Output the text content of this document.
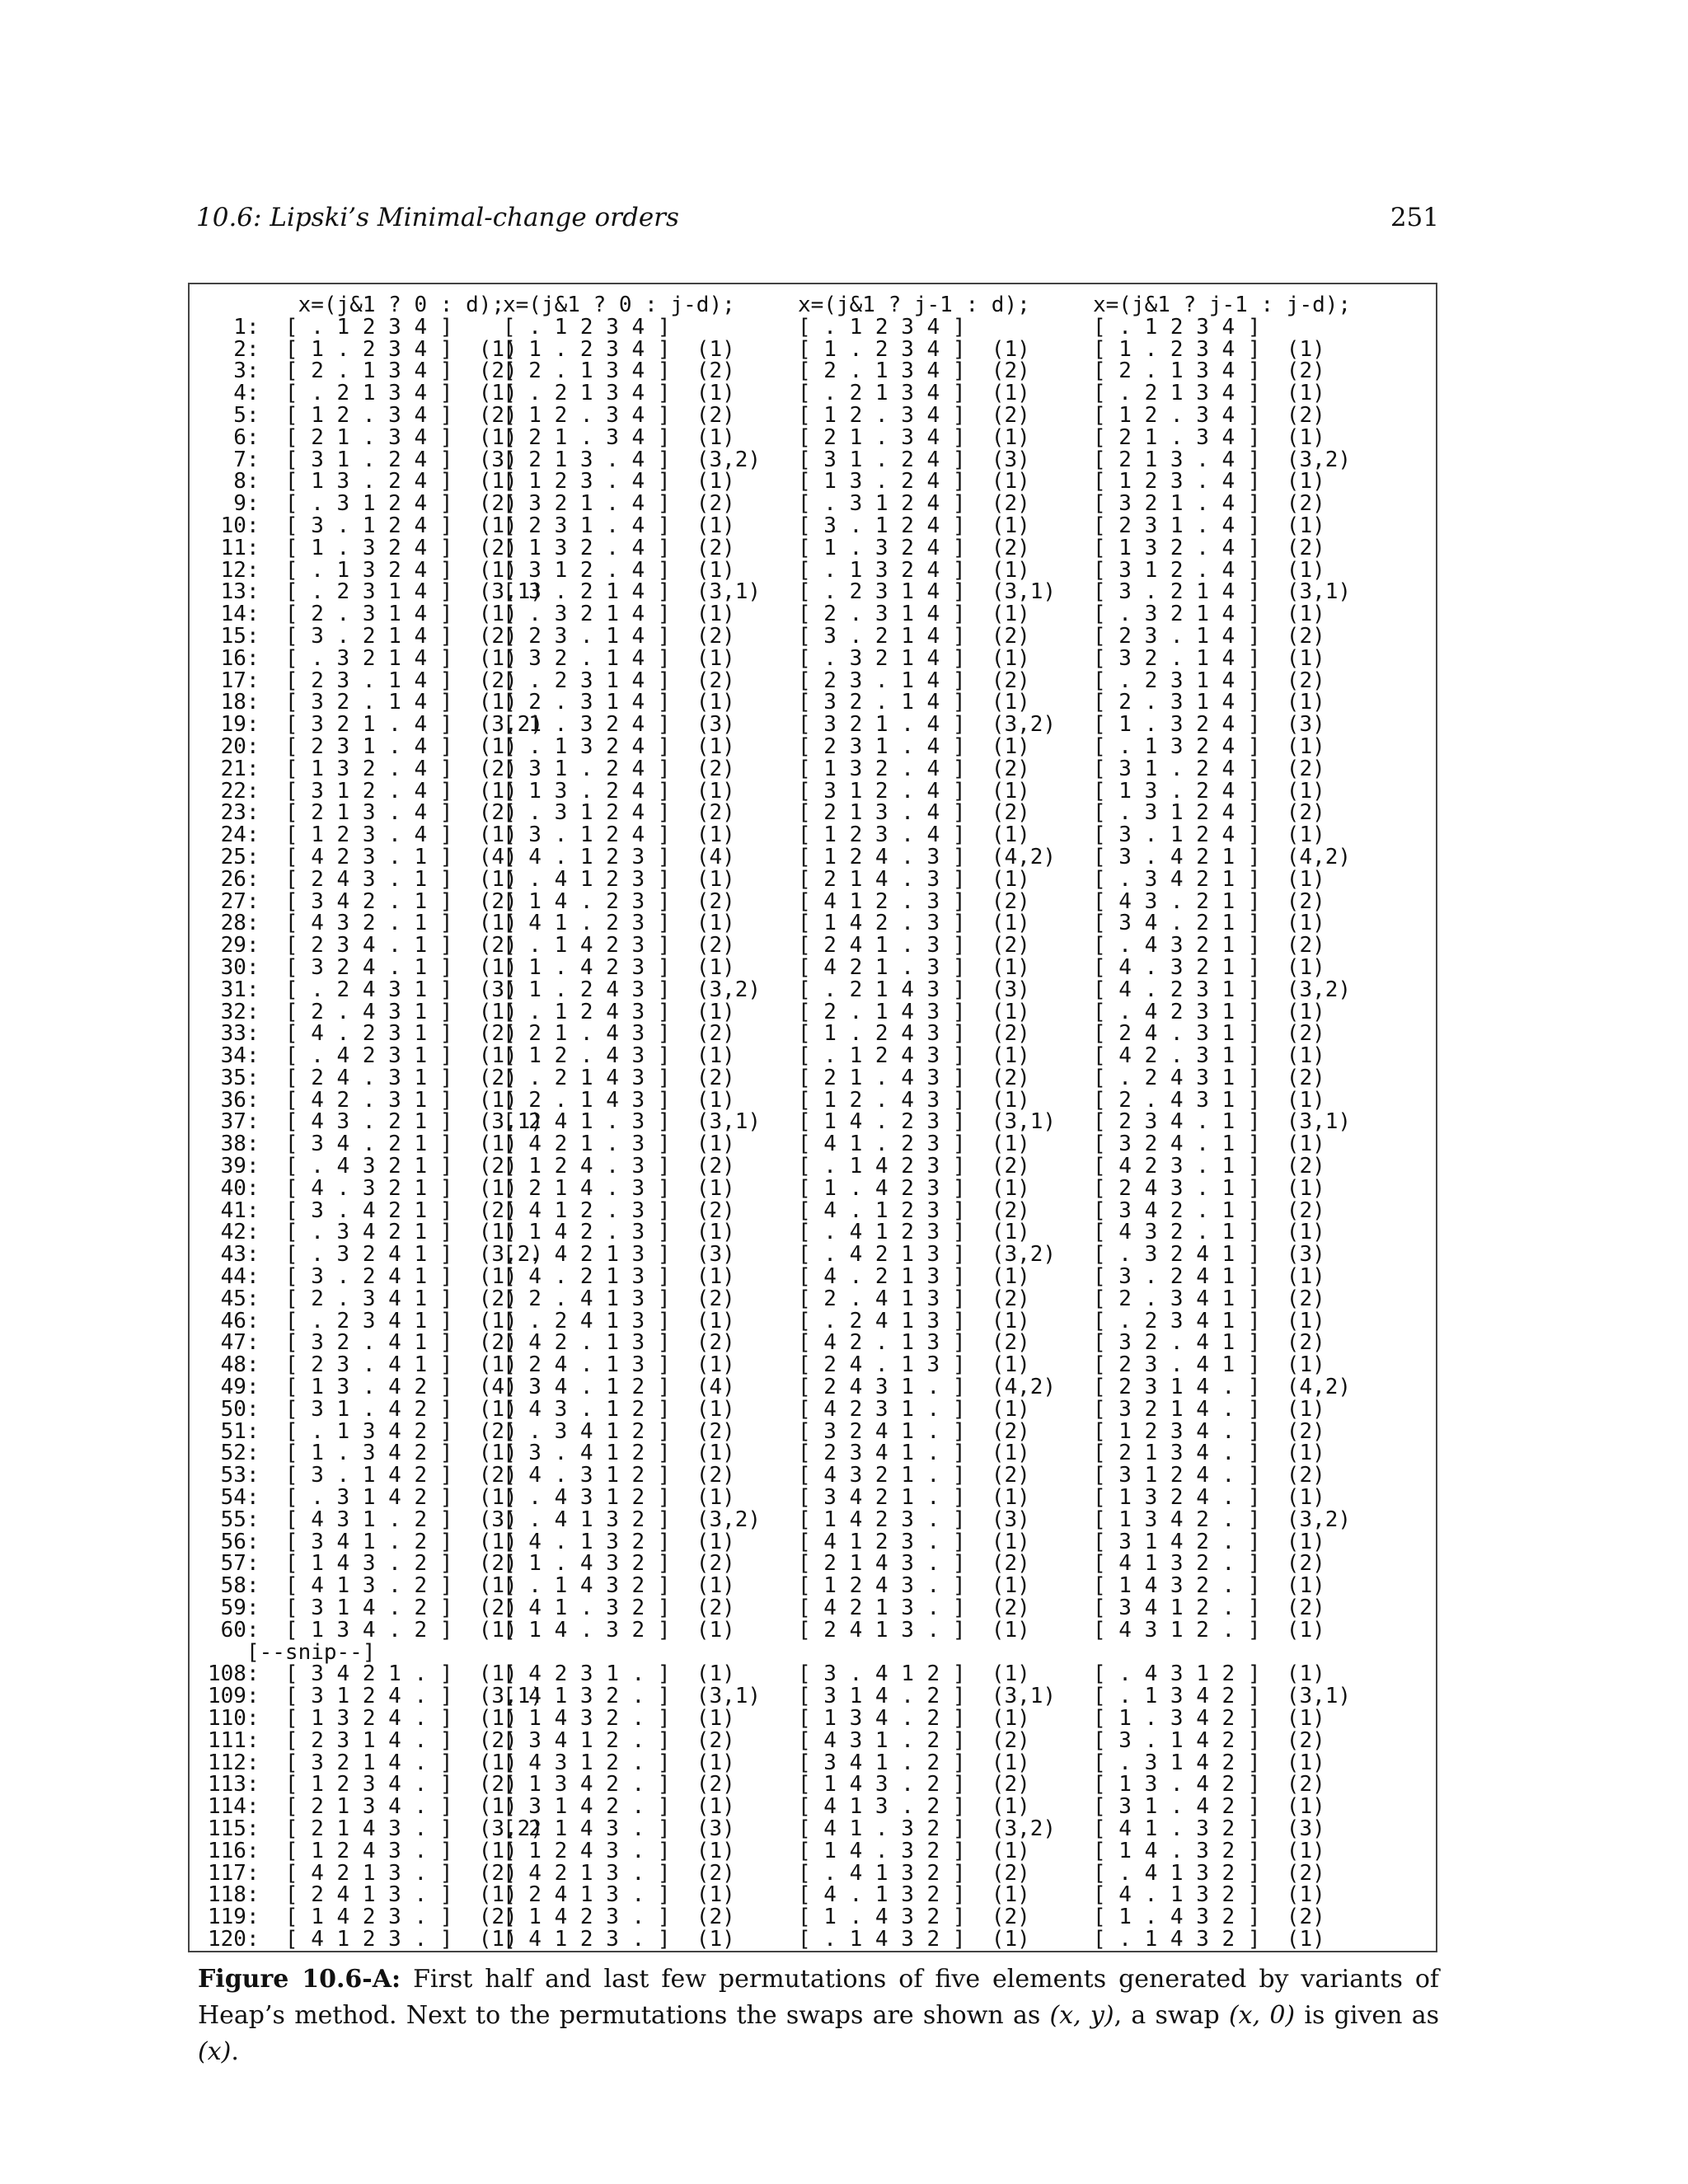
10.6: Lipski’s Minimal-change orders	251
x=(j&1 ? 0 : d);
1:  [ . 1 2 3 4 ]
2:  [ 1 . 2 3 4 ]  (1)
3:  [ 2 . 1 3 4 ]  (2)
4:  [ . 2 1 3 4 ]  (1)
5:  [ 1 2 . 3 4 ]  (2)
6:  [ 2 1 . 3 4 ]  (1)
7:  [ 3 1 . 2 4 ]  (3)
8:  [ 1 3 . 2 4 ]  (1)
9:  [ . 3 1 2 4 ]  (2)
10:  [ 3 . 1 2 4 ]  (1)
11:  [ 1 . 3 2 4 ]  (2)
12:  [ . 1 3 2 4 ]  (1)
13:  [ . 2 3 1 4 ]  (3,1)
14:  [ 2 . 3 1 4 ]  (1)
15:  [ 3 . 2 1 4 ]  (2)
16:  [ . 3 2 1 4 ]  (1)
17:  [ 2 3 . 1 4 ]  (2)
18:  [ 3 2 . 1 4 ]  (1)
19:  [ 3 2 1 . 4 ]  (3,2)
20:  [ 2 3 1 . 4 ]  (1)
21:  [ 1 3 2 . 4 ]  (2)
22:  [ 3 1 2 . 4 ]  (1)
23:  [ 2 1 3 . 4 ]  (2)
24:  [ 1 2 3 . 4 ]  (1)
25:  [ 4 2 3 . 1 ]  (4)
26:  [ 2 4 3 . 1 ]  (1)
27:  [ 3 4 2 . 1 ]  (2)
28:  [ 4 3 2 . 1 ]  (1)
29:  [ 2 3 4 . 1 ]  (2)
30:  [ 3 2 4 . 1 ]  (1)
31:  [ . 2 4 3 1 ]  (3)
32:  [ 2 . 4 3 1 ]  (1)
33:  [ 4 . 2 3 1 ]  (2)
34:  [ . 4 2 3 1 ]  (1)
35:  [ 2 4 . 3 1 ]  (2)
36:  [ 4 2 . 3 1 ]  (1)
37:  [ 4 3 . 2 1 ]  (3,1)
38:  [ 3 4 . 2 1 ]  (1)
39:  [ . 4 3 2 1 ]  (2)
40:  [ 4 . 3 2 1 ]  (1)
41:  [ 3 . 4 2 1 ]  (2)
42:  [ . 3 4 2 1 ]  (1)
43:  [ . 3 2 4 1 ]  (3,2)
44:  [ 3 . 2 4 1 ]  (1)
45:  [ 2 . 3 4 1 ]  (2)
46:  [ . 2 3 4 1 ]  (1)
47:  [ 3 2 . 4 1 ]  (2)
48:  [ 2 3 . 4 1 ]  (1)
49:  [ 1 3 . 4 2 ]  (4)
50:  [ 3 1 . 4 2 ]  (1)
51:  [ . 1 3 4 2 ]  (2)
52:  [ 1 . 3 4 2 ]  (1)
53:  [ 3 . 1 4 2 ]  (2)
54:  [ . 3 1 4 2 ]  (1)
55:  [ 4 3 1 . 2 ]  (3)
56:  [ 3 4 1 . 2 ]  (1)
57:  [ 1 4 3 . 2 ]  (2)
58:  [ 4 1 3 . 2 ]  (1)
59:  [ 3 1 4 . 2 ]  (2)
60:  [ 1 3 4 . 2 ]  (1)
[--snip--]
108:  [ 3 4 2 1 . ]  (1)
109:  [ 3 1 2 4 . ]  (3,1)
110:  [ 1 3 2 4 . ]  (1)
111:  [ 2 3 1 4 . ]  (2)
112:  [ 3 2 1 4 . ]  (1)
113:  [ 1 2 3 4 . ]  (2)
114:  [ 2 1 3 4 . ]  (1)
115:  [ 2 1 4 3 . ]  (3,2)
116:  [ 1 2 4 3 . ]  (1)
117:  [ 4 2 1 3 . ]  (2)
118:  [ 2 4 1 3 . ]  (1)
119:  [ 1 4 2 3 . ]  (2)
120:  [ 4 1 2 3 . ]  (1)
x=(j&1 ? 0 : j-d);
[ . 1 2 3 4 ]
[ 1 . 2 3 4 ]  (1)
[ 2 . 1 3 4 ]  (2)
[ . 2 1 3 4 ]  (1)
[ 1 2 . 3 4 ]  (2)
[ 2 1 . 3 4 ]  (1)
[ 2 1 3 . 4 ]  (3,2)
[ 1 2 3 . 4 ]  (1)
[ 3 2 1 . 4 ]  (2)
[ 2 3 1 . 4 ]  (1)
[ 1 3 2 . 4 ]  (2)
[ 3 1 2 . 4 ]  (1)
[ 3 . 2 1 4 ]  (3,1)
[ . 3 2 1 4 ]  (1)
[ 2 3 . 1 4 ]  (2)
[ 3 2 . 1 4 ]  (1)
[ . 2 3 1 4 ]  (2)
[ 2 . 3 1 4 ]  (1)
[ 1 . 3 2 4 ]  (3)
[ . 1 3 2 4 ]  (1)
[ 3 1 . 2 4 ]  (2)
[ 1 3 . 2 4 ]  (1)
[ . 3 1 2 4 ]  (2)
[ 3 . 1 2 4 ]  (1)
[ 4 . 1 2 3 ]  (4)
[ . 4 1 2 3 ]  (1)
[ 1 4 . 2 3 ]  (2)
[ 4 1 . 2 3 ]  (1)
[ . 1 4 2 3 ]  (2)
[ 1 . 4 2 3 ]  (1)
[ 1 . 2 4 3 ]  (3,2)
[ . 1 2 4 3 ]  (1)
[ 2 1 . 4 3 ]  (2)
[ 1 2 . 4 3 ]  (1)
[ . 2 1 4 3 ]  (2)
[ 2 . 1 4 3 ]  (1)
[ 2 4 1 . 3 ]  (3,1)
[ 4 2 1 . 3 ]  (1)
[ 1 2 4 . 3 ]  (2)
[ 2 1 4 . 3 ]  (1)
[ 4 1 2 . 3 ]  (2)
[ 1 4 2 . 3 ]  (1)
[ . 4 2 1 3 ]  (3)
[ 4 . 2 1 3 ]  (1)
[ 2 . 4 1 3 ]  (2)
[ . 2 4 1 3 ]  (1)
[ 4 2 . 1 3 ]  (2)
[ 2 4 . 1 3 ]  (1)
[ 3 4 . 1 2 ]  (4)
[ 4 3 . 1 2 ]  (1)
[ . 3 4 1 2 ]  (2)
[ 3 . 4 1 2 ]  (1)
[ 4 . 3 1 2 ]  (2)
[ . 4 3 1 2 ]  (1)
[ . 4 1 3 2 ]  (3,2)
[ 4 . 1 3 2 ]  (1)
[ 1 . 4 3 2 ]  (2)
[ . 1 4 3 2 ]  (1)
[ 4 1 . 3 2 ]  (2)
[ 1 4 . 3 2 ]  (1)
[ 4 2 3 1 . ]  (1)
[ 4 1 3 2 . ]  (3,1)
[ 1 4 3 2 . ]  (1)
[ 3 4 1 2 . ]  (2)
[ 4 3 1 2 . ]  (1)
[ 1 3 4 2 . ]  (2)
[ 3 1 4 2 . ]  (1)
[ 2 1 4 3 . ]  (3)
[ 1 2 4 3 . ]  (1)
[ 4 2 1 3 . ]  (2)
[ 2 4 1 3 . ]  (1)
[ 1 4 2 3 . ]  (2)
[ 4 1 2 3 . ]  (1)
x=(j&1 ? j-1 : d);
[ . 1 2 3 4 ]
[ 1 . 2 3 4 ]  (1)
[ 2 . 1 3 4 ]  (2)
[ . 2 1 3 4 ]  (1)
[ 1 2 . 3 4 ]  (2)
[ 2 1 . 3 4 ]  (1)
[ 3 1 . 2 4 ]  (3)
[ 1 3 . 2 4 ]  (1)
[ . 3 1 2 4 ]  (2)
[ 3 . 1 2 4 ]  (1)
[ 1 . 3 2 4 ]  (2)
[ . 1 3 2 4 ]  (1)
[ . 2 3 1 4 ]  (3,1)
[ 2 . 3 1 4 ]  (1)
[ 3 . 2 1 4 ]  (2)
[ . 3 2 1 4 ]  (1)
[ 2 3 . 1 4 ]  (2)
[ 3 2 . 1 4 ]  (1)
[ 3 2 1 . 4 ]  (3,2)
[ 2 3 1 . 4 ]  (1)
[ 1 3 2 . 4 ]  (2)
[ 3 1 2 . 4 ]  (1)
[ 2 1 3 . 4 ]  (2)
[ 1 2 3 . 4 ]  (1)
[ 1 2 4 . 3 ]  (4,2)
[ 2 1 4 . 3 ]  (1)
[ 4 1 2 . 3 ]  (2)
[ 1 4 2 . 3 ]  (1)
[ 2 4 1 . 3 ]  (2)
[ 4 2 1 . 3 ]  (1)
[ . 2 1 4 3 ]  (3)
[ 2 . 1 4 3 ]  (1)
[ 1 . 2 4 3 ]  (2)
[ . 1 2 4 3 ]  (1)
[ 2 1 . 4 3 ]  (2)
[ 1 2 . 4 3 ]  (1)
[ 1 4 . 2 3 ]  (3,1)
[ 4 1 . 2 3 ]  (1)
[ . 1 4 2 3 ]  (2)
[ 1 . 4 2 3 ]  (1)
[ 4 . 1 2 3 ]  (2)
[ . 4 1 2 3 ]  (1)
[ . 4 2 1 3 ]  (3,2)
[ 4 . 2 1 3 ]  (1)
[ 2 . 4 1 3 ]  (2)
[ . 2 4 1 3 ]  (1)
[ 4 2 . 1 3 ]  (2)
[ 2 4 . 1 3 ]  (1)
[ 2 4 3 1 . ]  (4,2)
[ 4 2 3 1 . ]  (1)
[ 3 2 4 1 . ]  (2)
[ 2 3 4 1 . ]  (1)
[ 4 3 2 1 . ]  (2)
[ 3 4 2 1 . ]  (1)
[ 1 4 2 3 . ]  (3)
[ 4 1 2 3 . ]  (1)
[ 2 1 4 3 . ]  (2)
[ 1 2 4 3 . ]  (1)
[ 4 2 1 3 . ]  (2)
[ 2 4 1 3 . ]  (1)
[ 3 . 4 1 2 ]  (1)
[ 3 1 4 . 2 ]  (3,1)
[ 1 3 4 . 2 ]  (1)
[ 4 3 1 . 2 ]  (2)
[ 3 4 1 . 2 ]  (1)
[ 1 4 3 . 2 ]  (2)
[ 4 1 3 . 2 ]  (1)
[ 4 1 . 3 2 ]  (3,2)
[ 1 4 . 3 2 ]  (1)
[ . 4 1 3 2 ]  (2)
[ 4 . 1 3 2 ]  (1)
[ 1 . 4 3 2 ]  (2)
[ . 1 4 3 2 ]  (1)
x=(j&1 ? j-1 : j-d);
[ . 1 2 3 4 ]
[ 1 . 2 3 4 ]  (1)
[ 2 . 1 3 4 ]  (2)
[ . 2 1 3 4 ]  (1)
[ 1 2 . 3 4 ]  (2)
[ 2 1 . 3 4 ]  (1)
[ 2 1 3 . 4 ]  (3,2)
[ 1 2 3 . 4 ]  (1)
[ 3 2 1 . 4 ]  (2)
[ 2 3 1 . 4 ]  (1)
[ 1 3 2 . 4 ]  (2)
[ 3 1 2 . 4 ]  (1)
[ 3 . 2 1 4 ]  (3,1)
[ . 3 2 1 4 ]  (1)
[ 2 3 . 1 4 ]  (2)
[ 3 2 . 1 4 ]  (1)
[ . 2 3 1 4 ]  (2)
[ 2 . 3 1 4 ]  (1)
[ 1 . 3 2 4 ]  (3)
[ . 1 3 2 4 ]  (1)
[ 3 1 . 2 4 ]  (2)
[ 1 3 . 2 4 ]  (1)
[ . 3 1 2 4 ]  (2)
[ 3 . 1 2 4 ]  (1)
[ 3 . 4 2 1 ]  (4,2)
[ . 3 4 2 1 ]  (1)
[ 4 3 . 2 1 ]  (2)
[ 3 4 . 2 1 ]  (1)
[ . 4 3 2 1 ]  (2)
[ 4 . 3 2 1 ]  (1)
[ 4 . 2 3 1 ]  (3,2)
[ . 4 2 3 1 ]  (1)
[ 2 4 . 3 1 ]  (2)
[ 4 2 . 3 1 ]  (1)
[ . 2 4 3 1 ]  (2)
[ 2 . 4 3 1 ]  (1)
[ 2 3 4 . 1 ]  (3,1)
[ 3 2 4 . 1 ]  (1)
[ 4 2 3 . 1 ]  (2)
[ 2 4 3 . 1 ]  (1)
[ 3 4 2 . 1 ]  (2)
[ 4 3 2 . 1 ]  (1)
[ . 3 2 4 1 ]  (3)
[ 3 . 2 4 1 ]  (1)
[ 2 . 3 4 1 ]  (2)
[ . 2 3 4 1 ]  (1)
[ 3 2 . 4 1 ]  (2)
[ 2 3 . 4 1 ]  (1)
[ 2 3 1 4 . ]  (4,2)
[ 3 2 1 4 . ]  (1)
[ 1 2 3 4 . ]  (2)
[ 2 1 3 4 . ]  (1)
[ 3 1 2 4 . ]  (2)
[ 1 3 2 4 . ]  (1)
[ 1 3 4 2 . ]  (3,2)
[ 3 1 4 2 . ]  (1)
[ 4 1 3 2 . ]  (2)
[ 1 4 3 2 . ]  (1)
[ 3 4 1 2 . ]  (2)
[ 4 3 1 2 . ]  (1)
[ . 4 3 1 2 ]  (1)
[ . 1 3 4 2 ]  (3,1)
[ 1 . 3 4 2 ]  (1)
[ 3 . 1 4 2 ]  (2)
[ . 3 1 4 2 ]  (1)
[ 1 3 . 4 2 ]  (2)
[ 3 1 . 4 2 ]  (1)
[ 4 1 . 3 2 ]  (3)
[ 1 4 . 3 2 ]  (1)
[ . 4 1 3 2 ]  (2)
[ 4 . 1 3 2 ]  (1)
[ 1 . 4 3 2 ]  (2)
[ . 1 4 3 2 ]  (1)
Figure 10.6-A: First half and last few permutations of five elements generated by variants of Heap’s method. Next to the permutations the swaps are shown as (x, y), a swap (x, 0) is given as (x).
